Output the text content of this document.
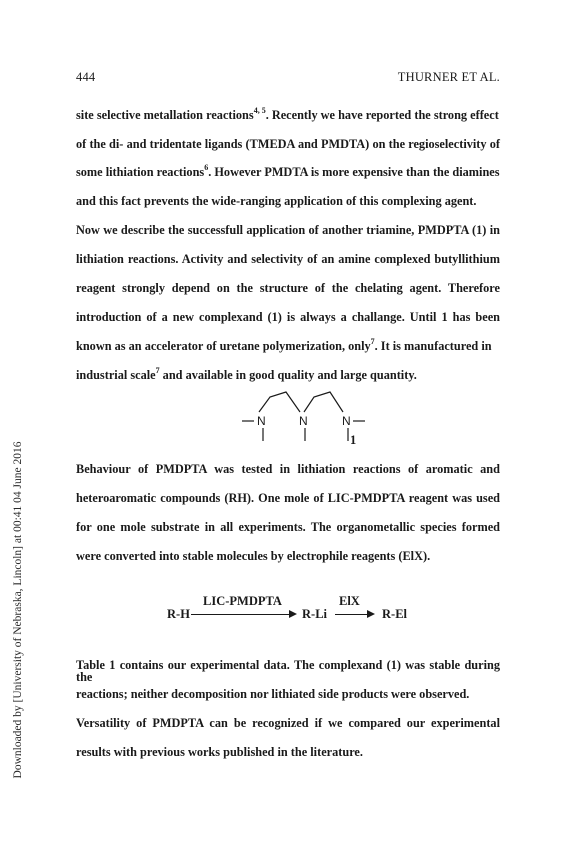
Downloaded by [University of Nebraska, Lincoln] at 00:41 04 June 2016
444	THURNER ET AL.
site selective metallation reactions$^{4, 5}$. Recently we have reported the strong effect
of the di- and tridentate ligands (TMEDA and PMDTA) on the regioselectivity of
some lithiation reactions$^6$. However PMDTA is more expensive than the diamines
and this fact prevents the wide-ranging application of this complexing agent.
Now we describe the successfull application of another triamine, PMDPTA (1) in
lithiation reactions. Activity and selectivity of an amine complexed butyllithium
reagent strongly depend on the structure of the chelating agent. Therefore
introduction of a new complexand (1) is always a challange. Until 1 has been
known as an accelerator of uretane polymerization, only$^7$. It is manufactured in
industrial scale$^7$ and available in good quality and large quantity.
N	N	N
1
Behaviour of PMDPTA was tested in lithiation reactions of aromatic and
heteroaromatic compounds (RH). One mole of LIC-PMDPTA reagent was used
for one mole substrate in all experiments. The organometallic species formed
were converted into stable molecules by electrophile reagents (ElX).
R-H
LIC-PMDPTA
R-Li
ElX
→ R-El
Table 1 contains our experimental data. The complexand (1) was stable during the
reactions; neither decomposition nor lithiated side products were observed.
Versatility of PMDPTA can be recognized if we compared our experimental
results with previous works published in the literature.
